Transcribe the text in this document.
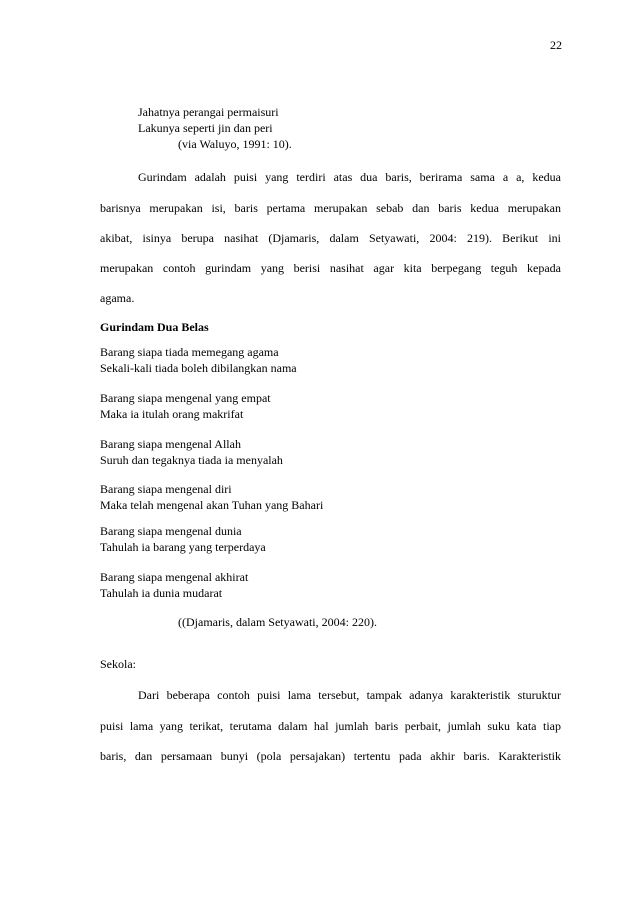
22
Jahatnya perangai permaisuri
Lakunya seperti jin dan peri
(via Waluyo, 1991: 10).
Gurindam adalah puisi yang terdiri atas dua baris, berirama sama a a, kedua
barisnya merupakan isi, baris pertama merupakan sebab dan baris kedua merupakan
akibat, isinya berupa nasihat (Djamaris, dalam Setyawati, 2004: 219). Berikut ini
merupakan contoh gurindam yang berisi nasihat agar kita berpegang teguh kepada
agama.
Gurindam Dua Belas
Barang siapa tiada memegang agama
Sekali-kali tiada boleh dibilangkan nama
Barang siapa mengenal yang empat
Maka ia itulah orang makrifat
Barang siapa mengenal Allah
Suruh dan tegaknya tiada ia menyalah
Barang siapa mengenal diri
Maka telah mengenal akan Tuhan yang Bahari
Barang siapa mengenal dunia
Tahulah ia barang yang terperdaya
Barang siapa mengenal akhirat
Tahulah ia dunia mudarat
((Djamaris, dalam Setyawati, 2004: 220).
Sekola:
Dari beberapa contoh puisi lama tersebut, tampak adanya karakteristik sturuktur
puisi lama yang terikat, terutama dalam hal jumlah baris perbait, jumlah suku kata tiap
baris, dan persamaan bunyi (pola persajakan) tertentu pada akhir baris. Karakteristik
